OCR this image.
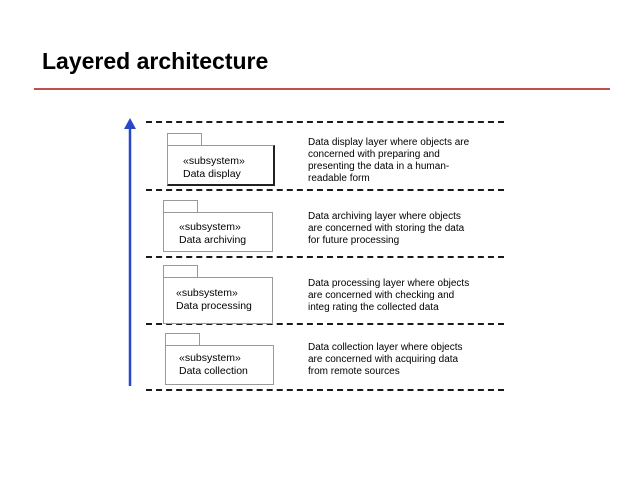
Layered architecture
«subsystem»
Data display
Data display layer where objects are
concerned with preparing and
presenting the data in a human-
readable form
«subsystem»
Data archiving
Data archiving layer where objects
are concerned with storing the data
for future processing
«subsystem»
Data processing
Data processing layer where objects
are concerned with checking and
integ rating the collected data
«subsystem»
Data collection
Data collection layer where objects
are concerned with acquiring data
from remote sources
